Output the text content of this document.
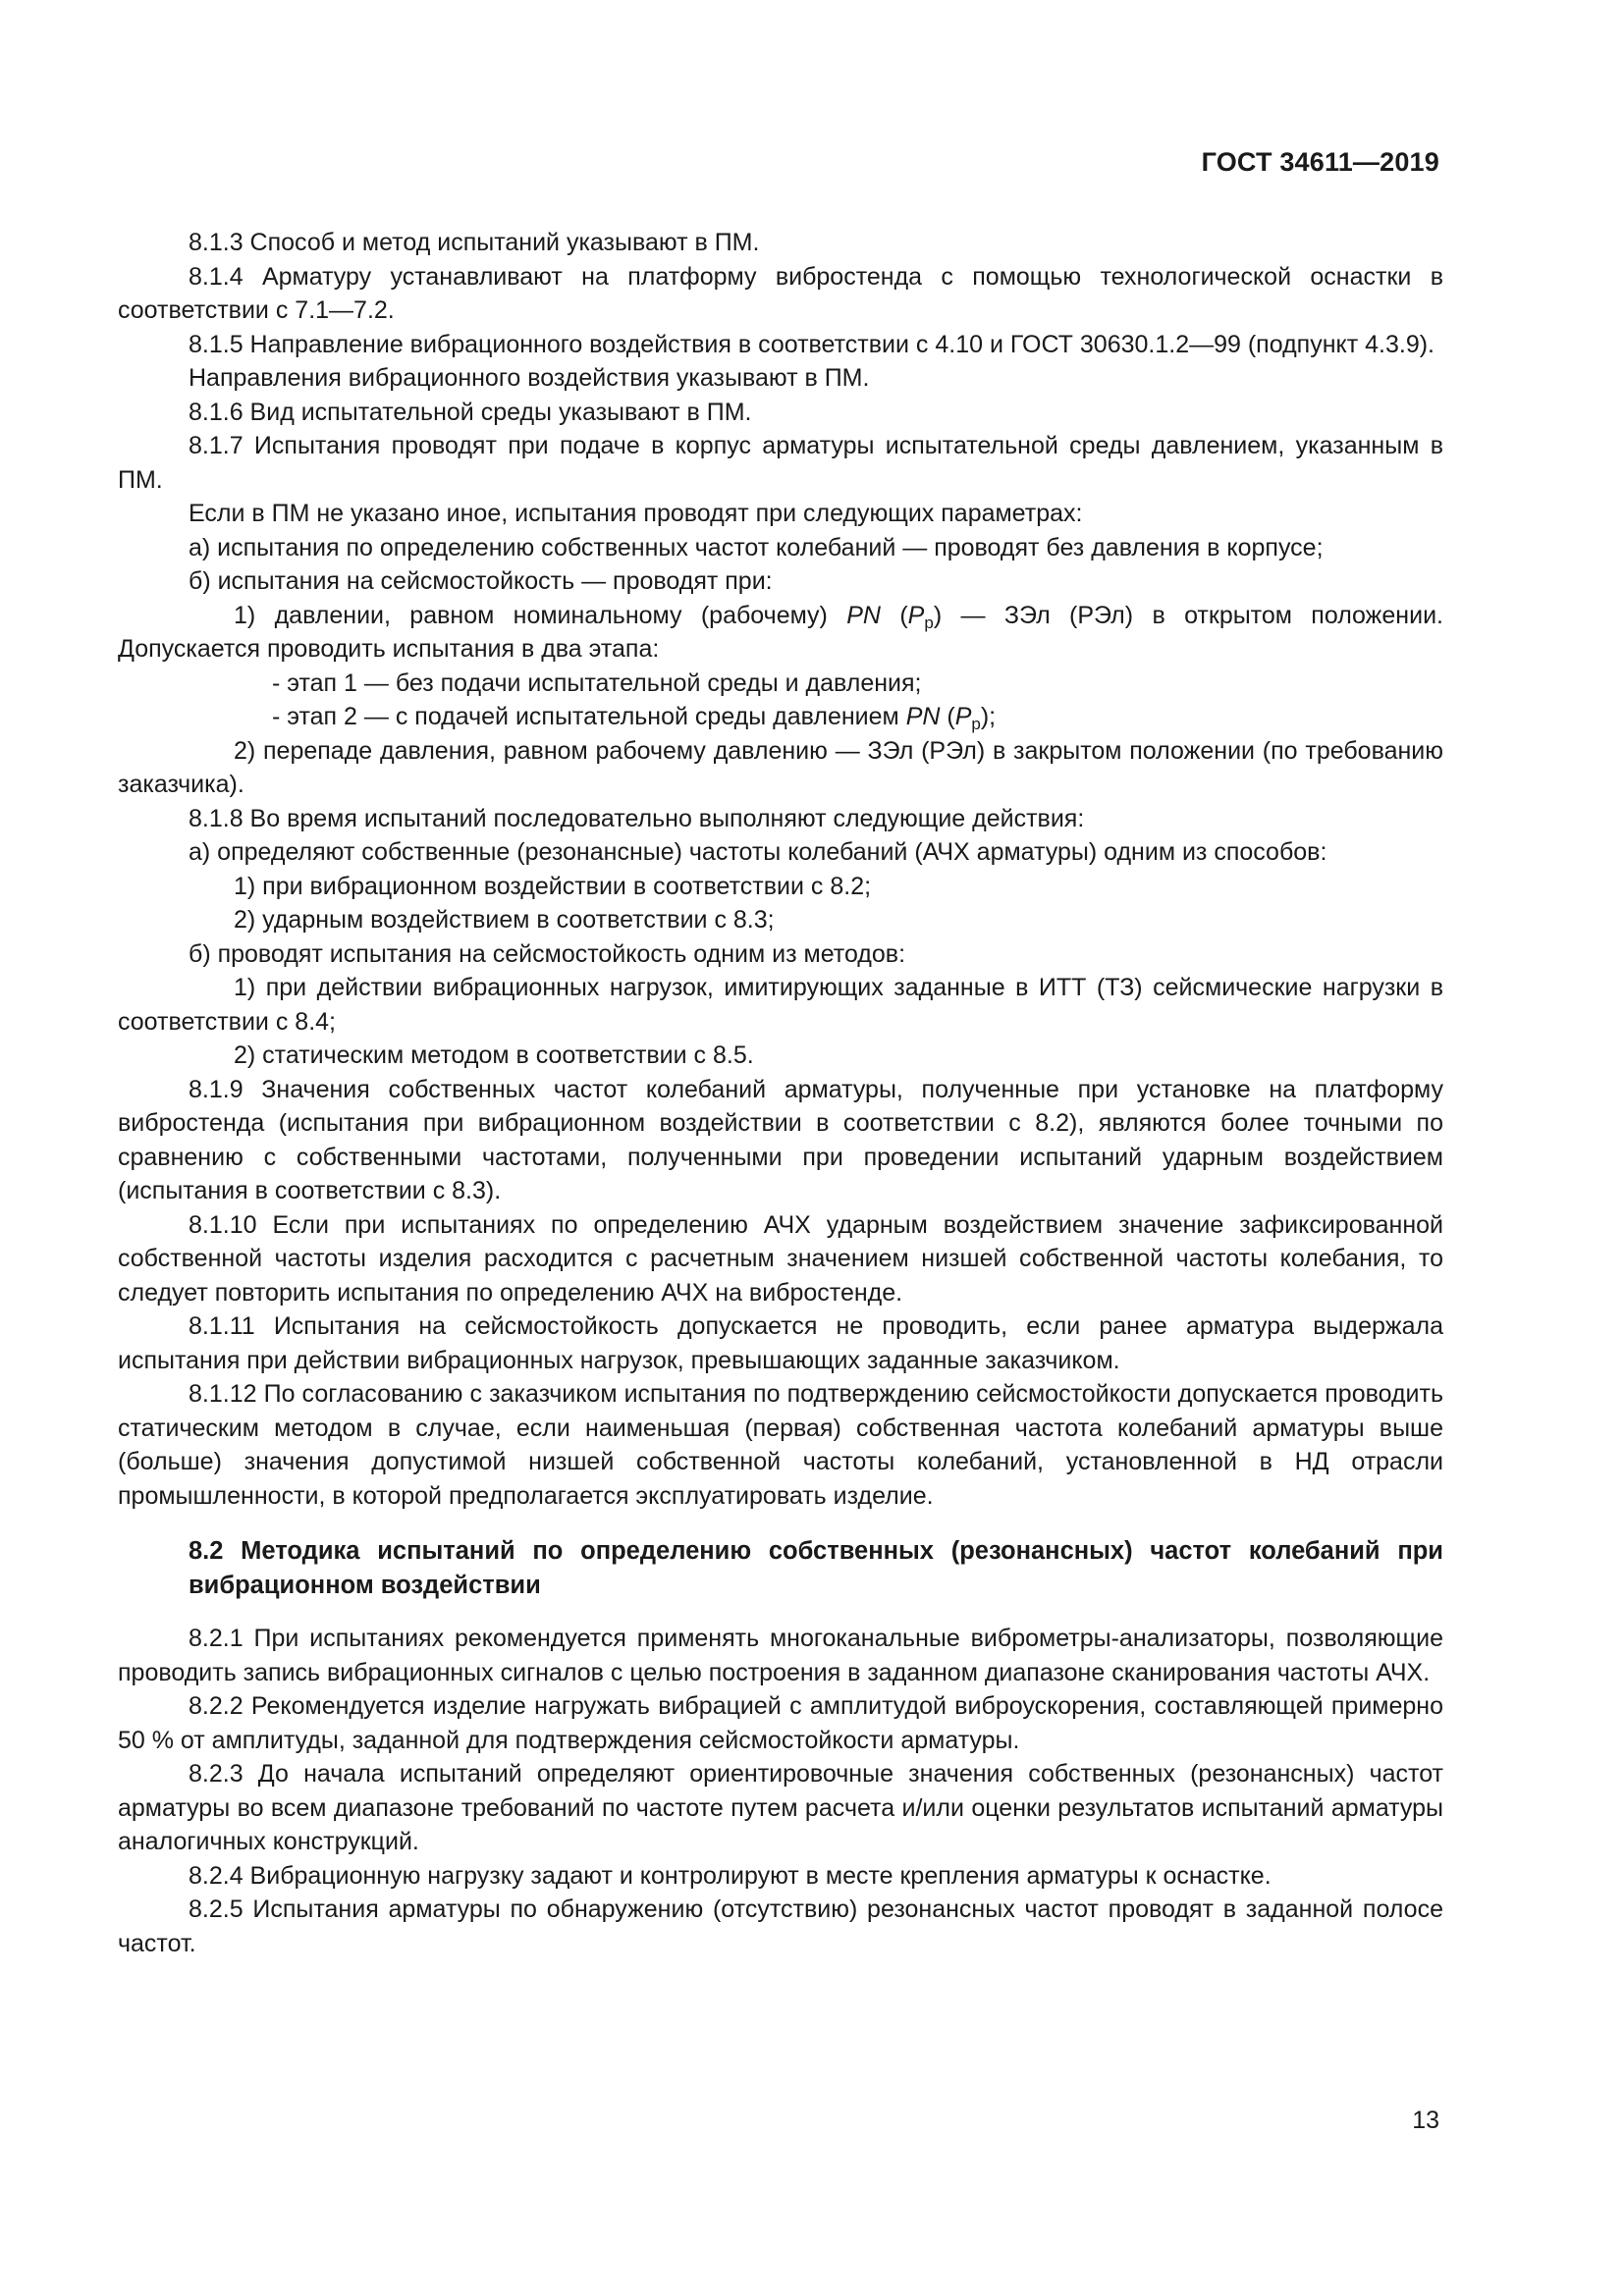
ГОСТ 34611—2019

8.1.3 Способ и метод испытаний указывают в ПМ.

8.1.4 Арматуру устанавливают на платформу вибростенда с помощью технологической оснастки в соответствии с 7.1—7.2.

8.1.5 Направление вибрационного воздействия в соответствии с 4.10 и ГОСТ 30630.1.2—99 (подпункт 4.3.9).

Направления вибрационного воздействия указывают в ПМ.

8.1.6 Вид испытательной среды указывают в ПМ.

8.1.7 Испытания проводят при подаче в корпус арматуры испытательной среды давлением, указанным в ПМ.

Если в ПМ не указано иное, испытания проводят при следующих параметрах:

а) испытания по определению собственных частот колебаний — проводят без давления в корпусе;

б) испытания на сейсмостойкость — проводят при:

1) давлении, равном номинальному (рабочему) PN $(P_р)$ — ЗЭл (РЭл) в открытом положении. Допускается проводить испытания в два этапа:

- этап 1 — без подачи испытательной среды и давления;

- этап 2 — с подачей испытательной среды давлением PN $(P_р)$;

2) перепаде давления, равном рабочему давлению — ЗЭл (РЭл) в закрытом положении (по требованию заказчика).

8.1.8 Во время испытаний последовательно выполняют следующие действия:

а) определяют собственные (резонансные) частоты колебаний (АЧХ арматуры) одним из способов:

1) при вибрационном воздействии в соответствии с 8.2;

2) ударным воздействием в соответствии с 8.3;

б) проводят испытания на сейсмостойкость одним из методов:

1) при действии вибрационных нагрузок, имитирующих заданные в ИТТ (ТЗ) сейсмические нагрузки в соответствии с 8.4;

2) статическим методом в соответствии с 8.5.

8.1.9 Значения собственных частот колебаний арматуры, полученные при установке на платформу вибростенда (испытания при вибрационном воздействии в соответствии с 8.2), являются более точными по сравнению с собственными частотами, полученными при проведении испытаний ударным воздействием (испытания в соответствии с 8.3).

8.1.10 Если при испытаниях по определению АЧХ ударным воздействием значение зафиксированной собственной частоты изделия расходится с расчетным значением низшей собственной частоты колебания, то следует повторить испытания по определению АЧХ на вибростенде.

8.1.11 Испытания на сейсмостойкость допускается не проводить, если ранее арматура выдержала испытания при действии вибрационных нагрузок, превышающих заданные заказчиком.

8.1.12 По согласованию с заказчиком испытания по подтверждению сейсмостойкости допускается проводить статическим методом в случае, если наименьшая (первая) собственная частота колебаний арматуры выше (больше) значения допустимой низшей собственной частоты колебаний, установленной в НД отрасли промышленности, в которой предполагается эксплуатировать изделие.

8.2 Методика испытаний по определению собственных (резонансных) частот колебаний при вибрационном воздействии

8.2.1 При испытаниях рекомендуется применять многоканальные виброметры-анализаторы, позволяющие проводить запись вибрационных сигналов с целью построения в заданном диапазоне сканирования частоты АЧХ.

8.2.2 Рекомендуется изделие нагружать вибрацией с амплитудой виброускорения, составляющей примерно 50 % от амплитуды, заданной для подтверждения сейсмостойкости арматуры.

8.2.3 До начала испытаний определяют ориентировочные значения собственных (резонансных) частот арматуры во всем диапазоне требований по частоте путем расчета и/или оценки результатов испытаний арматуры аналогичных конструкций.

8.2.4 Вибрационную нагрузку задают и контролируют в месте крепления арматуры к оснастке.

8.2.5 Испытания арматуры по обнаружению (отсутствию) резонансных частот проводят в заданной полосе частот.

13
